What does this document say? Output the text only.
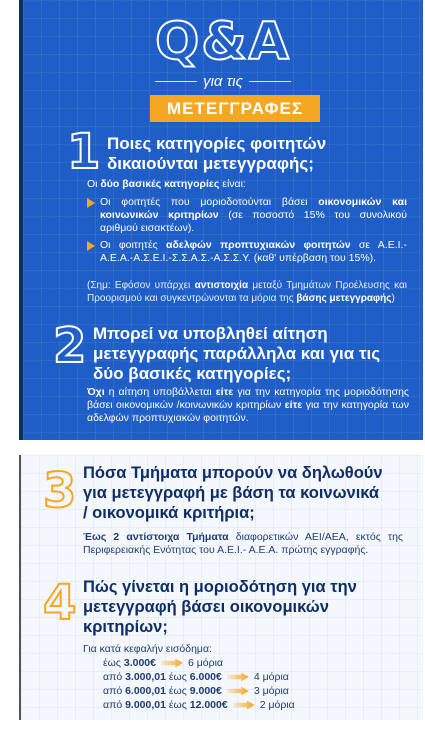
Q&A
για τις
ΜΕΤΕΓΓΡΑΦΕΣ
1 Ποιες κατηγορίες φοιτητών
δικαιούνται μετεγγραφής;
Οι δύο βασικές κατηγορίες είναι:
Οι φοιτητές που μοριοδοτούνται βάσει οικονομικών και κοινωνικών κριτηρίων (σε ποσοστό 15% του συνολικού αριθμού εισακτέων).
Οι φοιτητές αδελφών προπτυχιακών φοιτητών σε Α.Ε.Ι.-Α.Ε.Α.-Α.Σ.Ε.Ι.-Σ.Σ.Α.Σ.-Α.Σ.Σ.Υ. (καθ' υπέρβαση του 15%).
(Σημ: Εφόσον υπάρχει αντιστοιχία μεταξύ Τμημάτων Προέλευσης και Προορισμού και συγκεντρώνονται τα μόρια της βάσης μετεγγραφής)
2 Μπορεί να υποβληθεί αίτηση
μετεγγραφής παράλληλα και για τις
δύο βασικές κατηγορίες;
Όχι η αίτηση υποβάλλεται είτε για την κατηγορία της μοριοδότησης βάσει οικονομικών /κοινωνικών κριτηρίων είτε για την κατηγορία των αδελφών προπτυχιακών φοιτητών.
3 Πόσα Τμήματα μπορούν να δηλωθούν
για μετεγγραφή με βάση τα κοινωνικά
/ οικονομικά κριτήρια;
Έως 2 αντίστοιχα Τμήματα διαφορετικών ΑΕΙ/ΑΕΑ, εκτός της Περιφερειακής Ενότητας του Α.Ε.Ι.- Α.Ε.Α. πρώτης εγγραφής.
4 Πώς γίνεται η μοριοδότηση για την
μετεγγραφή βάσει οικονομικών
κριτηρίων;
Για κατά κεφαλήν εισόδημα:
έως 3.000€	6 μόρια
από 3.000,01 έως 6.000€	4 μόρια
από 6.000,01 έως 9.000€	3 μόρια
από 9.000,01 έως 12.000€	2 μόρια
